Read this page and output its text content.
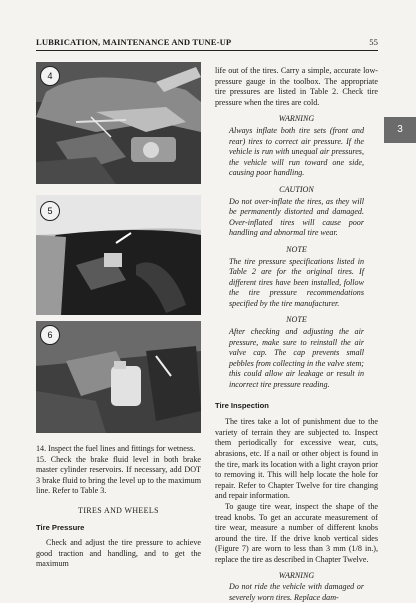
LUBRICATION, MAINTENANCE AND TUNE-UP	55
3
4
5
6

14. Inspect the fuel lines and fittings for wetness.

15. Check the brake fluid level in both brake master cylinder reservoirs. If necessary, add DOT 3 brake fluid to bring the level up to the maximum line. Refer to Table 3.

TIRES AND WHEELS

Tire Pressure

Check and adjust the tire pressure to achieve good traction and handling, and to get the maximum

life out of the tires. Carry a simple, accurate low-pressure gauge in the toolbox. The appropriate tire pressures are listed in Table 2. Check tire pressure when the tires are cold.

WARNING
Always inflate both tire sets (front and rear) tires to correct air pressure. If the vehicle is run with unequal air pressures, the vehicle will run toward one side, causing poor handling.
CAUTION
Do not over-inflate the tires, as they will be permanently distorted and damaged. Over-inflated tires will cause poor handling and abnormal tire wear.
NOTE
The tire pressure specifications listed in Table 2 are for the original tires. If different tires have been installed, follow the tire pressure recommendations specified by the tire manufacturer.
NOTE
After checking and adjusting the air pressure, make sure to reinstall the air valve cap. The cap prevents small pebbles from collecting in the valve stem; this could allow air leakage or result in incorrect tire pressure reading.

Tire Inspection

The tires take a lot of punishment due to the variety of terrain they are subjected to. Inspect them periodically for excessive wear, cuts, abrasions, etc. If a nail or other object is found in the tire, mark its location with a light crayon prior to removing it. This will help locate the hole for repair. Refer to Chapter Twelve for tire changing and repair information.

To gauge tire wear, inspect the shape of the tread knobs. To get an accurate measurement of tire wear, measure a number of different knobs around the tire. If the drive knob vertical sides (Figure 7) are worn to less than 3 mm (1/8 in.), replace the tire as described in Chapter Twelve.

WARNING
Do not ride the vehicle with damaged or severely worn tires. Replace dam-
